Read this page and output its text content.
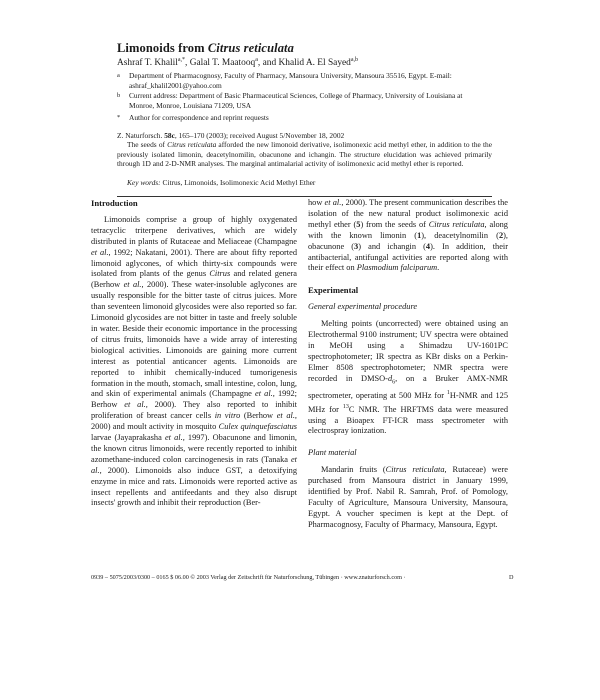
Limonoids from Citrus reticulata
Ashraf T. Khalil$^{a,*}$, Galal T. Maatooq$^a$, and Khalid A. El Sayed$^{a,b}$
a	Department of Pharmacognosy, Faculty of Pharmacy, Mansoura University, Mansoura 35516, Egypt. E-mail: ashraf_khalil2001@yahoo.com
b	Current address: Department of Basic Pharmaceutical Sciences, College of Pharmacy, University of Louisiana at Monroe, Monroe, Louisiana 71209, USA
*	Author for correspondence and reprint requests
Z. Naturforsch. 58c, 165–170 (2003); received August 5/November 18, 2002
The seeds of Citrus reticulata afforded the new limonoid derivative, isolimonexic acid methyl ether, in addition to the the previously isolated limonin, deacetylnomilin, obacunone and ichangin. The structure elucidation was achieved primarily through 1D and 2-D-NMR analyses. The marginal antimalarial activity of isolimonexic acid methyl ether is reported.
Key words: Citrus, Limonoids, Isolimonexic Acid Methyl Ether

Introduction

Limonoids comprise a group of highly oxygenated tetracyclic triterpene derivatives, which are widely distributed in plants of Rutaceae and Meliaceae (Champagne et al., 1992; Nakatani, 2001). There are about fifty reported limonoid aglycones, of which thirty-six compounds were isolated from plants of the genus Citrus and related genera (Berhow et al., 2000). These water-insoluble aglycones are usually responsible for the bitter taste of citrus juices. More than seventeen limonoid glycosides were also reported so far. Limonoid glycosides are not bitter in taste and freely soluble in water. Beside their economic importance in the processing of citrus fruits, limonoids have a wide array of interesting biological activities. Limonoids are gaining more current interest as potential anticancer agents. Limonoids are reported to inhibit chemically-induced tumorigenesis formation in the mouth, stomach, small intestine, colon, lung, and skin of experimental animals (Champagne et al., 1992; Berhow et al., 2000). They also reported to inhibit proliferation of breast cancer cells in vitro (Berhow et al., 2000) and moult activity in mosquito Culex quinquefasciatus larvae (Jayaprakasha et al., 1997). Obacunone and limonin, the known citrus limonoids, were recently reported to inhibit azomethane-induced colon carcinogenesis in rats (Tanaka et al., 2000). Limonoids also induce GST, a detoxifying enzyme in mice and rats. Limonoids were reported active as insect repellents and antifeedants and they also disrupt insects' growth and inhibit their reproduction (Ber-

how et al., 2000). The present communication describes the isolation of the new natural product isolimonexic acid methyl ether (5) from the seeds of Citrus reticulata, along with the known limonin (1), deacetylnomilin (2), obacunone (3) and ichangin (4). In addition, their antibacterial, antifungal activities are reported along with their effect on Plasmodium falciparum.

Experimental

General experimental procedure

Melting points (uncorrected) were obtained using an Electrothermal 9100 instrument; UV spectra were obtained in MeOH using a Shimadzu UV-1601PC spectrophotometer; IR spectra as KBr disks on a Perkin-Elmer 8508 spectrophotometer; NMR spectra were recorded in DMSO-$d_6$, on a Bruker AMX-NMR spectrometer, operating at 500 MHz for $^1$H-NMR and 125 MHz for $^{13}$C NMR. The HRFTMS data were measured using a Bioapex FT-ICR mass spectrometer with electrospray ionization.

Plant material

Mandarin fruits (Citrus reticulata, Rutaceae) were purchased from Mansoura district in January 1999, identified by Prof. Nabil R. Samrah, Prof. of Pomology, Faculty of Agriculture, Mansoura University, Mansoura, Egypt. A voucher specimen is kept at the Dept. of Pharmacognosy, Faculty of Pharmacy, Mansoura, Egypt.

0939 – 5075/2003/0300 – 0165 $ 06.00 © 2003 Verlag der Zeitschrift für Naturforschung, Tübingen · www.znaturforsch.com ·	D
